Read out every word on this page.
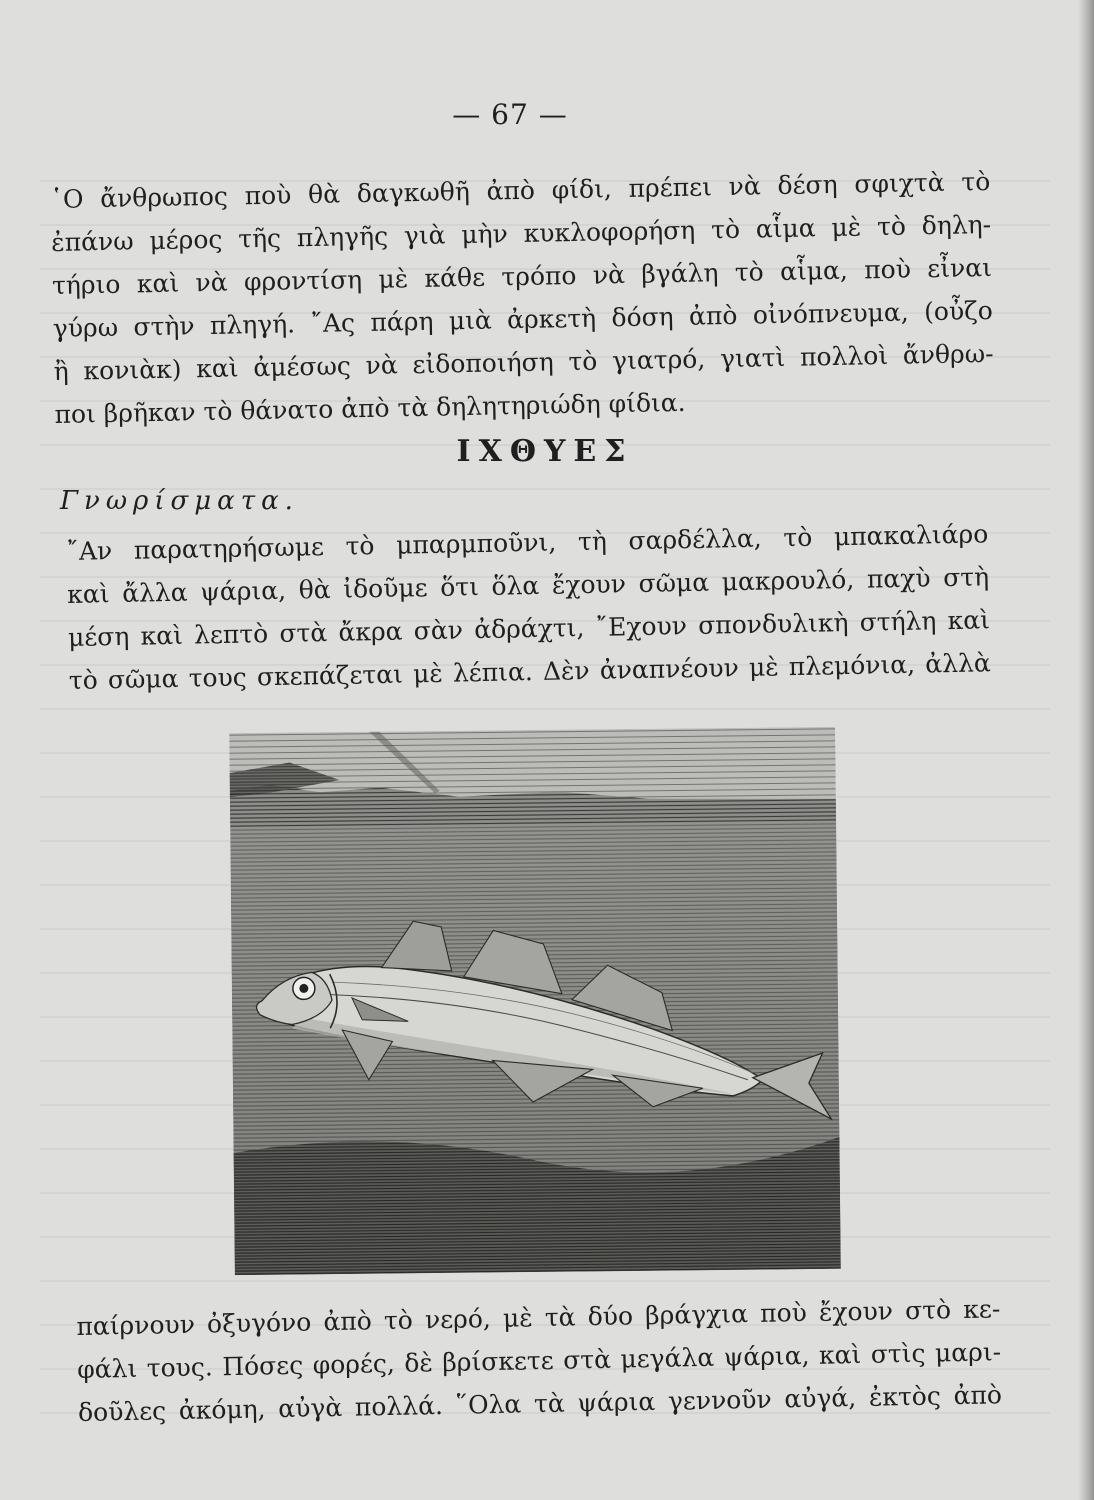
— 67 —
῾Ο ἄνθρωπος ποὺ θὰ δαγκωθῆ ἀπὸ φίδι, πρέπει νὰ δέση σφιχτὰ τὸ
ἐπάνω μέρος τῆς πληγῆς γιὰ μὴν κυκλοφορήση τὸ αἷμα μὲ τὸ δηλη-
τήριο καὶ νὰ φροντίση μὲ κάθε τρόπο νὰ βγάλη τὸ αἷμα, ποὺ εἶναι
γύρω στὴν πληγή. ῎Ας πάρη μιὰ ἀρκετὴ δόση ἀπὸ οἰνόπνευμα, (οὖζο
ἢ κονιὰκ) καὶ ἀμέσως νὰ εἰδοποιήση τὸ γιατρό, γιατὶ πολλοὶ ἄνθρω-
ποι βρῆκαν τὸ θάνατο ἀπὸ τὰ δηλητηριώδη φίδια.
ΙΧΘΥΕΣ
Γνωρίσματα.
῎Αν παρατηρήσωμε τὸ μπαρμποῦνι, τὴ σαρδέλλα, τὸ μπακαλιάρο
καὶ ἄλλα ψάρια, θὰ ἰδοῦμε ὅτι ὅλα ἔχουν σῶμα μακρουλό, παχὺ στὴ
μέση καὶ λεπτὸ στὰ ἄκρα σὰν ἀδράχτι, ῎Εχουν σπονδυλικὴ στήλη καὶ
τὸ σῶμα τους σκεπάζεται μὲ λέπια. Δὲν ἀναπνέουν μὲ πλεμόνια, ἀλλὰ
παίρνουν ὀξυγόνο ἀπὸ τὸ νερό, μὲ τὰ δύο βράγχια ποὺ ἔχουν στὸ κε-
φάλι τους. Πόσες φορές, δὲ βρίσκετε στὰ μεγάλα ψάρια, καὶ στὶς μαρι-
δοῦλες ἀκόμη, αὐγὰ πολλά. ῞Ολα τὰ ψάρια γεννοῦν αὐγά, ἐκτὸς ἀπὸ
